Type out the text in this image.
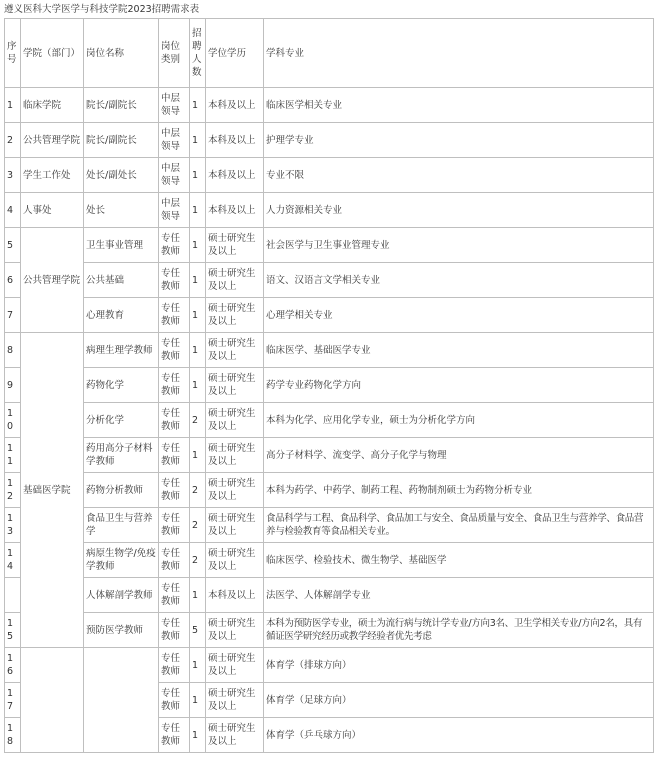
遵义医科大学医学与科技学院2023招聘需求表
序号	学院（部门）	岗位名称	岗位类别	招聘人数	学位学历	学科专业
1	临床学院	院长/副院长	中层领导	1	本科及以上	临床医学相关专业
2	公共管理学院	院长/副院长	中层领导	1	本科及以上	护理学专业
3	学生工作处	处长/副处长	中层领导	1	本科及以上	专业不限
4	人事处	处长	中层领导	1	本科及以上	人力资源相关专业
5	公共管理学院	卫生事业管理	专任教师	1	硕士研究生及以上	社会医学与卫生事业管理专业
6		公共基础	专任教师	1	硕士研究生及以上	语文、汉语言文学相关专业
7		心理教育	专任教师	1	硕士研究生及以上	心理学相关专业
8	基础医学院	病理生理学教师	专任教师	1	硕士研究生及以上	临床医学、基础医学专业
9		药物化学	专任教师	1	硕士研究生及以上	药学专业药物化学方向
10		分析化学	专任教师	2	硕士研究生及以上	本科为化学、应用化学专业，硕士为分析化学方向
11		药用高分子材料学教师	专任教师	1	硕士研究生及以上	高分子材料学、流变学、高分子化学与物理
12		药物分析教师	专任教师	2	硕士研究生及以上	本科为药学、中药学、制药工程、药物制剂硕士为药物分析专业
13		食品卫生与营养学	专任教师	2	硕士研究生及以上	食品科学与工程、食品科学、食品加工与安全、食品质量与安全、食品卫生与营养学、食品营养与检验教育等食品相关专业。
14		病原生物学/免疫学教师	专任教师	2	硕士研究生及以上	临床医学、检验技术、微生物学、基础医学
		人体解剖学教师	专任教师	1	本科及以上	法医学、人体解剖学专业
15		预防医学教师	专任教师	5	硕士研究生及以上	本科为预防医学专业，硕士为流行病与统计学专业/方向3名、卫生学相关专业/方向2名，具有循证医学研究经历或教学经验者优先考虑
16			专任教师	1	硕士研究生及以上	体育学（排球方向）
17			专任教师	1	硕士研究生及以上	体育学（足球方向）
18			专任教师	1	硕士研究生及以上	体育学（乒乓球方向）
